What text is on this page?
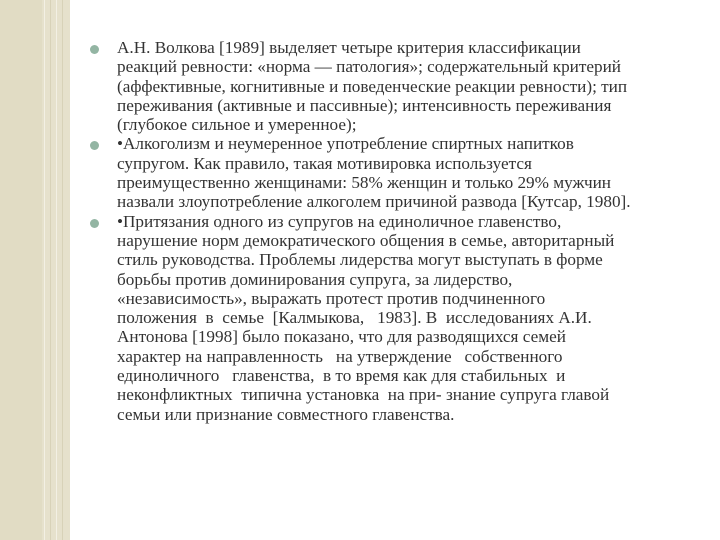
А.Н. Волкова [1989] выделяет четыре критерия классификации
реакций ревности: «норма — патология»; содержательный критерий
(аффективные, когнитивные и поведенческие реакции ревности); тип
переживания (активные и пассивные); интенсивность переживания
(глубокое сильное и умеренное);
•Алкоголизм и неумеренное употребление спиртных напитков
супругом. Как правило, такая мотивировка используется
преимущественно женщинами: 58% женщин и только 29% мужчин
назвали злоупотребление алкоголем причиной развода [Кутсар, 1980].
•Притязания одного из супругов на единоличное главенство,
нарушение норм демократического общения в семье, авторитарный
стиль руководства. Проблемы лидерства могут выступать в форме
борьбы против доминирования супруга, за лидерство,
«независимость», выражать протест против подчиненного
положения  в  семье  [Калмыкова,   1983]. В  исследованиях А.И.
Антонова [1998] было показано, что для разводящихся семей
характер на направленность   на утверждение   собственного
единоличного   главенства,  в то время как для стабильных  и
неконфликтных  типична установка  на при- знание супруга главой
семьи или признание совместного главенства.
